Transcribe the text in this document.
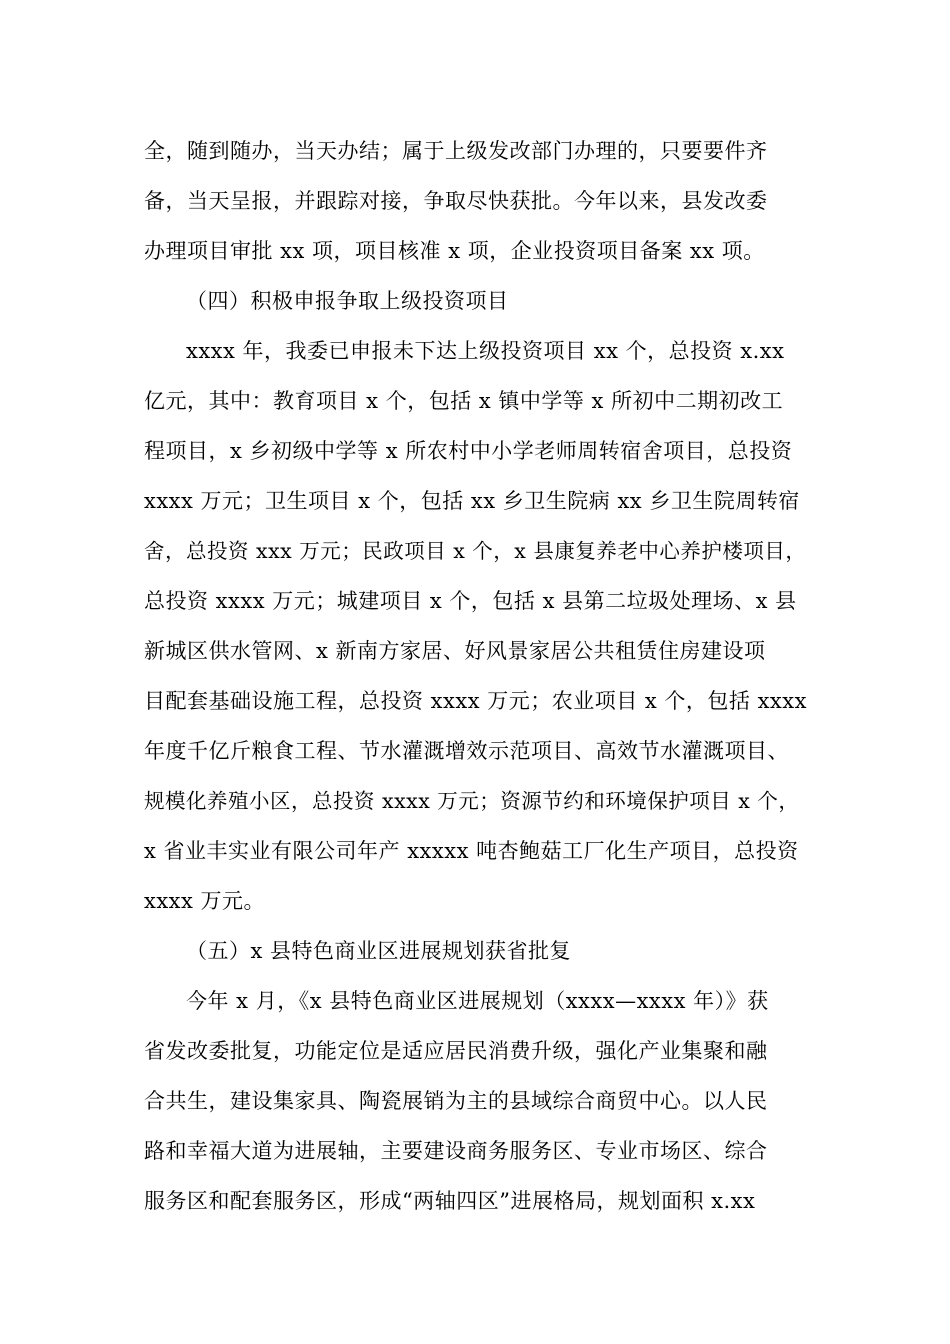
全，随到随办，当天办结；属于上级发改部门办理的，只要要件齐
备，当天呈报，并跟踪对接，争取尽快获批。今年以来，县发改委
办理项目审批 xx 项，项目核准 x 项，企业投资项目备案 xx 项。
（四）积极申报争取上级投资项目
xxxx 年，我委已申报未下达上级投资项目 xx 个，总投资 x.xx
亿元，其中：教育项目 x 个，包括 x 镇中学等 x 所初中二期初改工
程项目，x 乡初级中学等 x 所农村中小学老师周转宿舍项目，总投资
xxxx 万元；卫生项目 x 个，包括 xx 乡卫生院病 xx 乡卫生院周转宿
舍，总投资 xxx 万元；民政项目 x 个，x 县康复养老中心养护楼项目，
总投资 xxxx 万元；城建项目 x 个，包括 x 县第二垃圾处理场、x 县
新城区供水管网、x 新南方家居、好风景家居公共租赁住房建设项
目配套基础设施工程，总投资 xxxx 万元；农业项目 x 个，包括 xxxx
年度千亿斤粮食工程、节水灌溉增效示范项目、高效节水灌溉项目、
规模化养殖小区，总投资 xxxx 万元；资源节约和环境保护项目 x 个，
x 省业丰实业有限公司年产 xxxxx 吨杏鲍菇工厂化生产项目，总投资
xxxx 万元。
（五）x 县特色商业区进展规划获省批复
今年 x 月，《x 县特色商业区进展规划（xxxx—xxxx 年）》获
省发改委批复，功能定位是适应居民消费升级，强化产业集聚和融
合共生，建设集家具、陶瓷展销为主的县域综合商贸中心。以人民
路和幸福大道为进展轴，主要建设商务服务区、专业市场区、综合
服务区和配套服务区，形成“两轴四区”进展格局，规划面积 x.xx
